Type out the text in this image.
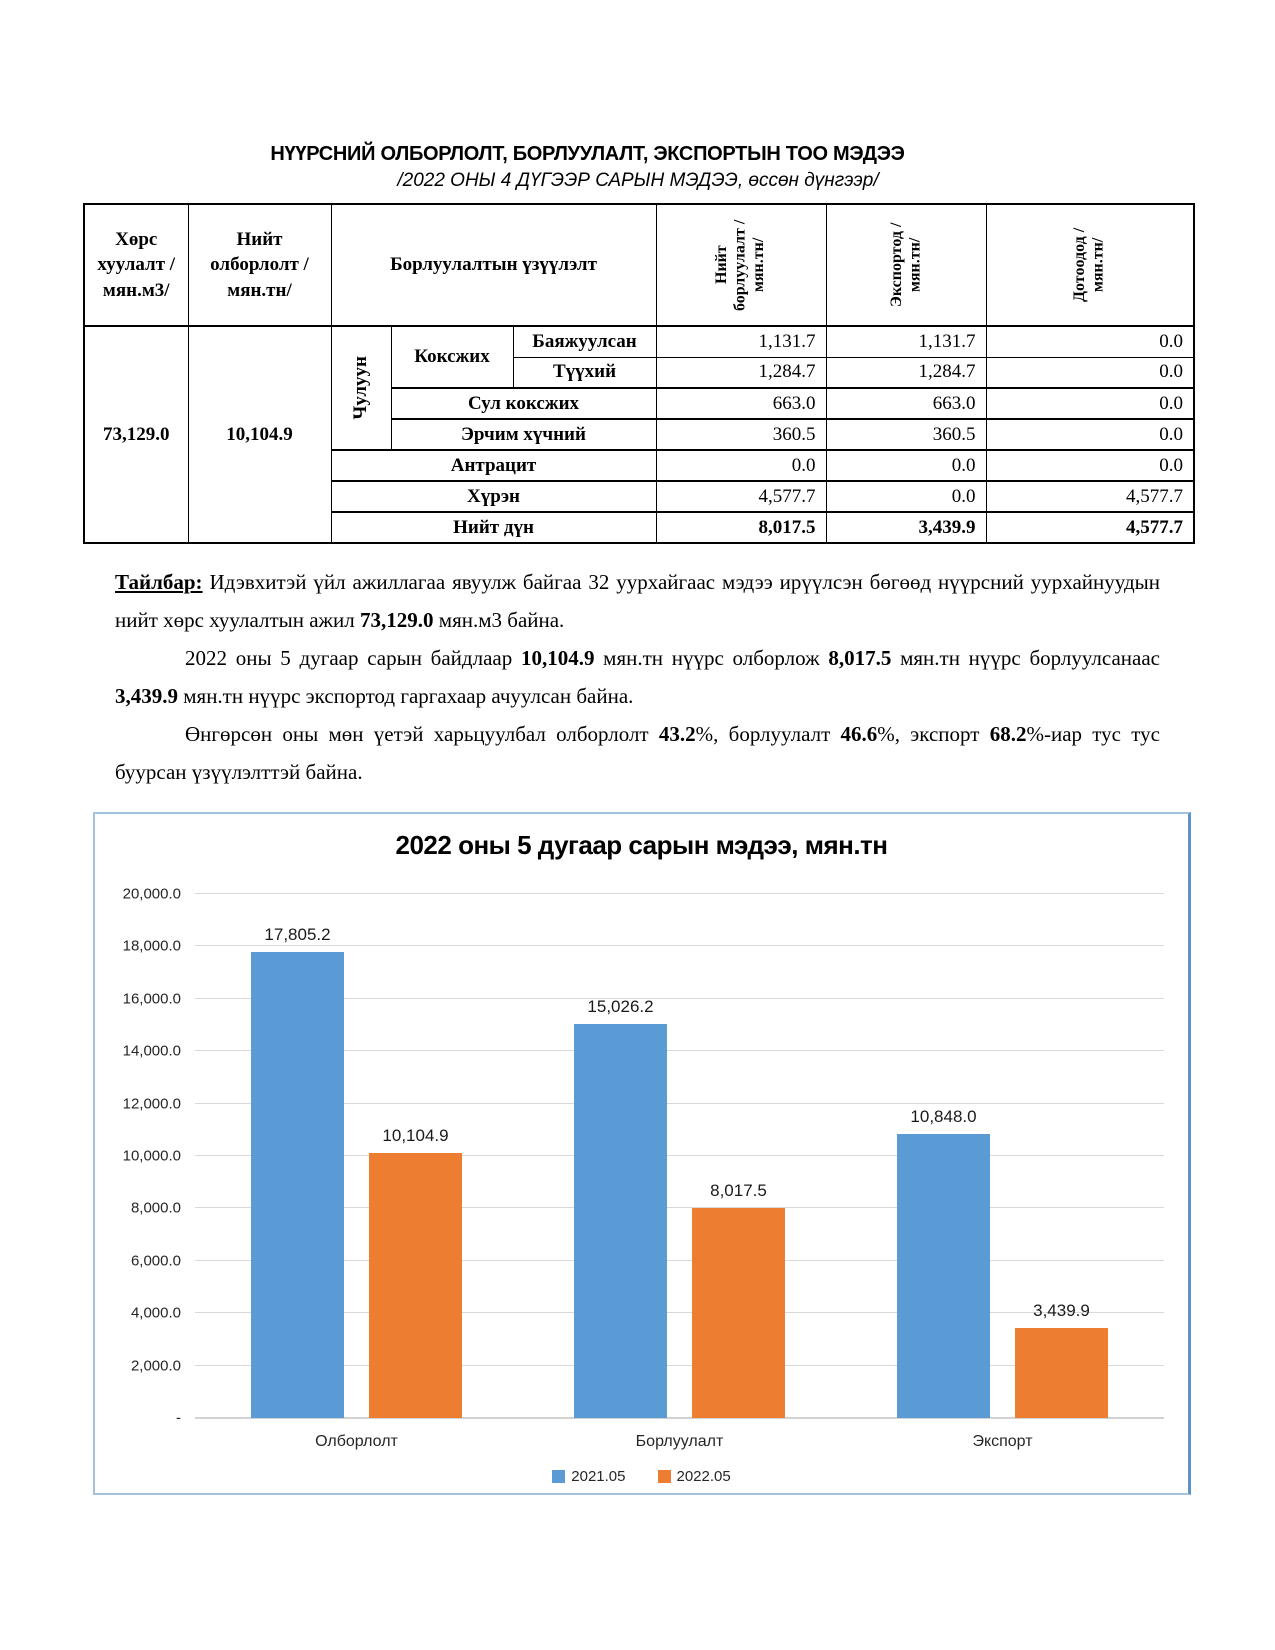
НҮҮРСНИЙ ОЛБОРЛОЛТ, БОРЛУУЛАЛТ, ЭКСПОРТЫН ТОО МЭДЭЭ
/2022 ОНЫ 4 ДҮГЭЭР САРЫН МЭДЭЭ, өссөн дүнгээр/
Хөрс хуулалт /мян.м3/	Нийт олборлолт /мян.тн/	Борлуулалтын үзүүлэлт			Нийт борлуулалт /мян.тн/	Экспортод /мян.тн/	Дотоодод /мян.тн/

73,129.0	10,104.9	Чулуун	Коксжих	Баяжуулсан	1,131.7	1,131.7	0.0
				Түүхий	1,284.7	1,284.7	0.0
			Сул коксжих		663.0	663.0	0.0
			Эрчим хүчний		360.5	360.5	0.0
		Антрацит			0.0	0.0	0.0
		Хүрэн			4,577.7	0.0	4,577.7
		Нийт дүн			8,017.5	3,439.9	4,577.7

Тайлбар: Идэвхитэй үйл ажиллагаа явуулж байгаа 32 уурхайгаас мэдээ ирүүлсэн бөгөөд нүүрсний уурхайнуудын нийт хөрс хуулалтын ажил 73,129.0 мян.м3 байна.

2022 оны 5 дугаар сарын байдлаар 10,104.9 мян.тн нүүрс олборлож 8,017.5 мян.тн нүүрс борлуулсанаас 3,439.9 мян.тн нүүрс экспортод гаргахаар ачуулсан байна.

Өнгөрсөн оны мөн үетэй харьцуулбал олборлолт 43.2%, борлуулалт 46.6%, экспорт 68.2%-иар тус тус буурсан үзүүлэлттэй байна.

2022 оны 5 дугаар сарын мэдээ, мян.тн
-
2,000.0
4,000.0
6,000.0
8,000.0
10,000.0
12,000.0
14,000.0
16,000.0
18,000.0
20,000.0
17,805.2
10,104.9
15,026.2
8,017.5
10,848.0
3,439.9
Олборлолт	Борлуулалт	Экспорт
2021.05	2022.05
